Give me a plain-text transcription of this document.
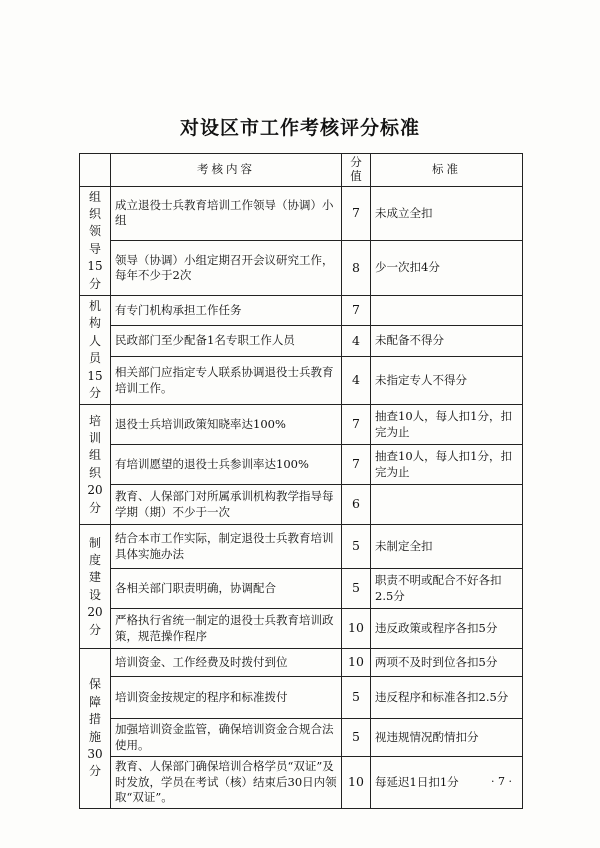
对设区市工作考核评分标准
	考核内容	分值	标准
组织领导15分	成立退役士兵教育培训工作领导（协调）小组	7	未成立全扣
	领导（协调）小组定期召开会议研究工作，每年不少于2次	8	少一次扣4分
机构人员15分	有专门机构承担工作任务	7	
	民政部门至少配备1名专职工作人员	4	未配备不得分
	相关部门应指定专人联系协调退役士兵教育培训工作。	4	未指定专人不得分
培训组织20分	退役士兵培训政策知晓率达100%	7	抽查10人，每人扣1分，扣完为止
	有培训愿望的退役士兵参训率达100%	7	抽查10人，每人扣1分，扣完为止
	教育、人保部门对所属承训机构教学指导每学期（期）不少于一次	6	
制度建设20分	结合本市工作实际，制定退役士兵教育培训具体实施办法	5	未制定全扣
	各相关部门职责明确，协调配合	5	职责不明或配合不好各扣2.5分
	严格执行省统一制定的退役士兵教育培训政策，规范操作程序	10	违反政策或程序各扣5分
保障措施30分	培训资金、工作经费及时拨付到位	10	两项不及时到位各扣5分
	培训资金按规定的程序和标准拨付	5	违反程序和标准各扣2.5分
	加强培训资金监管，确保培训资金合规合法使用。	5	视违规情况酌情扣分
	教育、人保部门确保培训合格学员“双证”及时发放，学员在考试（核）结束后30日内领取“双证”。	10	每延迟1日扣1分	· 7 ·
